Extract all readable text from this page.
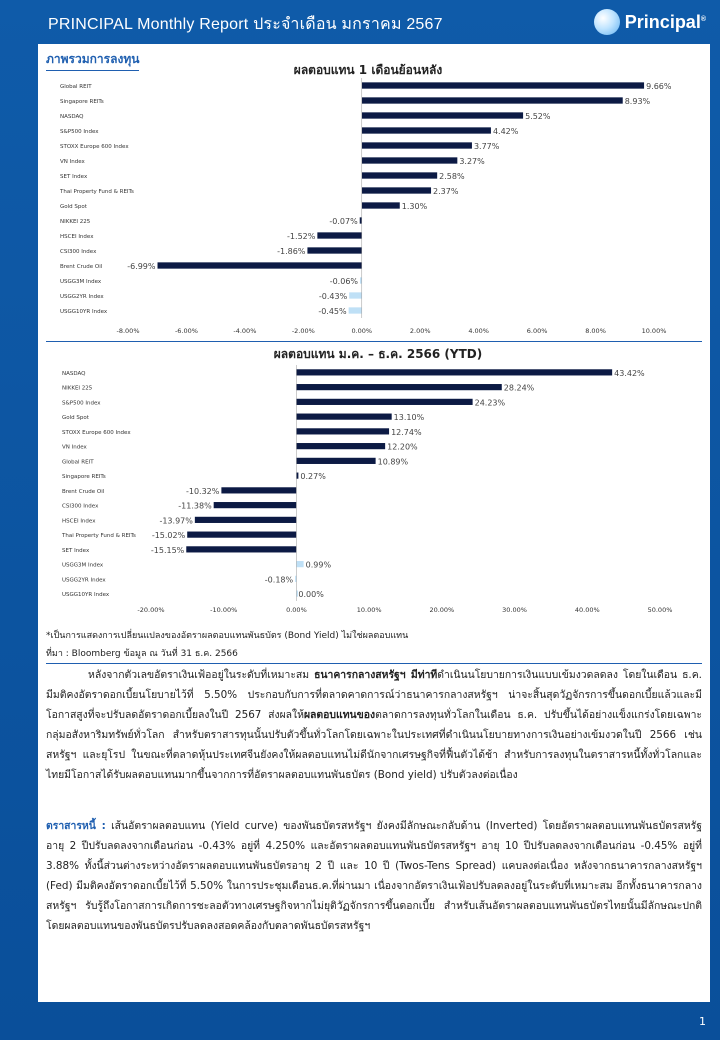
PRINCIPAL Monthly Report ประจำเดือน มกราคม 2567	Principal®
ภาพรวมการลงทุน
ผลตอบแทน 1 เดือนย้อนหลัง
Global REIT	9.66%
Singapore REITs	8.93%
NASDAQ	5.52%
S&P500 Index	4.42%
STOXX Europe 600 Index	3.77%
VN Index	3.27%
SET Index	2.58%
Thai Property Fund & REITs	2.37%
Gold Spot	1.30%
NIKKEI 225	-0.07%
HSCEI Index	-1.52%
CSI300 Index	-1.86%
Brent Crude Oil	-6.99%
USGG3M Index	-0.06%
USGG2YR Index	-0.43%
USGG10YR Index	-0.45%
-8.00%	-6.00%	-4.00%	-2.00%	0.00%	2.00%	4.00%	6.00%	8.00%	10.00%
ผลตอบแทน ม.ค. – ธ.ค. 2566 (YTD)
NASDAQ	43.42%
NIKKEI 225	28.24%
S&P500 Index	24.23%
Gold Spot	13.10%
STOXX Europe 600 Index	12.74%
VN Index	12.20%
Global REIT	10.89%
Singapore REITs	0.27%
Brent Crude Oil	-10.32%
CSI300 Index	-11.38%
HSCEI Index	-13.97%
Thai Property Fund & REITs -15.02%
SET Index	-15.15%
USGG3M Index	0.99%
USGG2YR Index	-0.18%
USGG10YR Index	0.00%
-20.00%	-10.00%	0.00%	10.00%	20.00%	30.00%	40.00%	50.00%
*เป็นการแสดงการเปลี่ยนแปลงของอัตราผลตอบแทนพันธบัตร (Bond Yield) ไม่ใช่ผลตอบแทน
ที่มา : Bloomberg ข้อมูล ณ วันที่ 31 ธ.ค. 2566
หลังจากตัวเลขอัตราเงินเฟ้ออยู่ในระดับที่เหมาะสม ธนาคารกลางสหรัฐฯ มีท่าทีดำเนินนโยบายการเงินแบบเข้มงวดลดลง โดยในเดือน ธ.ค. มีมติคงอัตราดอกเบี้ยนโยบายไว้ที่ 5.50% ประกอบกับการที่ตลาดคาดการณ์ว่าธนาคารกลางสหรัฐฯ น่าจะสิ้นสุดวัฏจักรการขึ้นดอกเบี้ยแล้วและมีโอกาสสูงที่จะปรับลดอัตราดอกเบี้ยลงในปี 2567 ส่งผลให้ผลตอบแทนของตลาดการลงทุนทั่วโลกในเดือน ธ.ค. ปรับขึ้นได้อย่างแข็งแกร่งโดยเฉพาะกลุ่มอสังหาริมทรัพย์ทั่วโลก สำหรับตราสารทุนนั้นปรับตัวขึ้นทั่วโลกโดยเฉพาะในประเทศที่ดำเนินนโยบายทางการเงินอย่างเข้มงวดในปี 2566 เช่น สหรัฐฯ และยุโรป ในขณะที่ตลาดหุ้นประเทศจีนยังคงให้ผลตอบแทนไม่ดีนักจากเศรษฐกิจที่ฟื้นตัวได้ช้า สำหรับการลงทุนในตราสารหนี้ทั้งทั่วโลกและไทยมีโอกาสได้รับผลตอบแทนมากขึ้นจากการที่อัตราผลตอบแทนพันธบัตร (Bond yield) ปรับตัวลงต่อเนื่อง
ตราสารหนี้ : เส้นอัตราผลตอบแทน (Yield curve) ของพันธบัตรสหรัฐฯ ยังคงมีลักษณะกลับด้าน (Inverted) โดยอัตราผลตอบแทนพันธบัตรสหรัฐอายุ 2 ปีปรับลดลงจากเดือนก่อน -0.43% อยู่ที่ 4.250% และอัตราผลตอบแทนพันธบัตรสหรัฐฯ อายุ 10 ปีปรับลดลงจากเดือนก่อน -0.45% อยู่ที่ 3.88% ทั้งนี้ส่วนต่างระหว่างอัตราผลตอบแทนพันธบัตรอายุ 2 ปี และ 10 ปี (Twos-Tens Spread) แคบลงต่อเนื่อง หลังจากธนาคารกลางสหรัฐฯ (Fed) มีมติคงอัตราดอกเบี้ยไว้ที่ 5.50% ในการประชุมเดือนธ.ค.ที่ผ่านมา เนื่องจากอัตราเงินเฟ้อปรับลดลงอยู่ในระดับที่เหมาะสม อีกทั้งธนาคารกลางสหรัฐฯ รับรู้ถึงโอกาสการเกิดการชะลอตัวทางเศรษฐกิจหากไม่ยุติวัฏจักรการขึ้นดอกเบี้ย สำหรับเส้นอัตราผลตอบแทนพันธบัตรไทยนั้นมีลักษณะปกติ โดยผลตอบแทนของพันธบัตรปรับลดลงสอดคล้องกับตลาดพันธบัตรสหรัฐฯ
1
